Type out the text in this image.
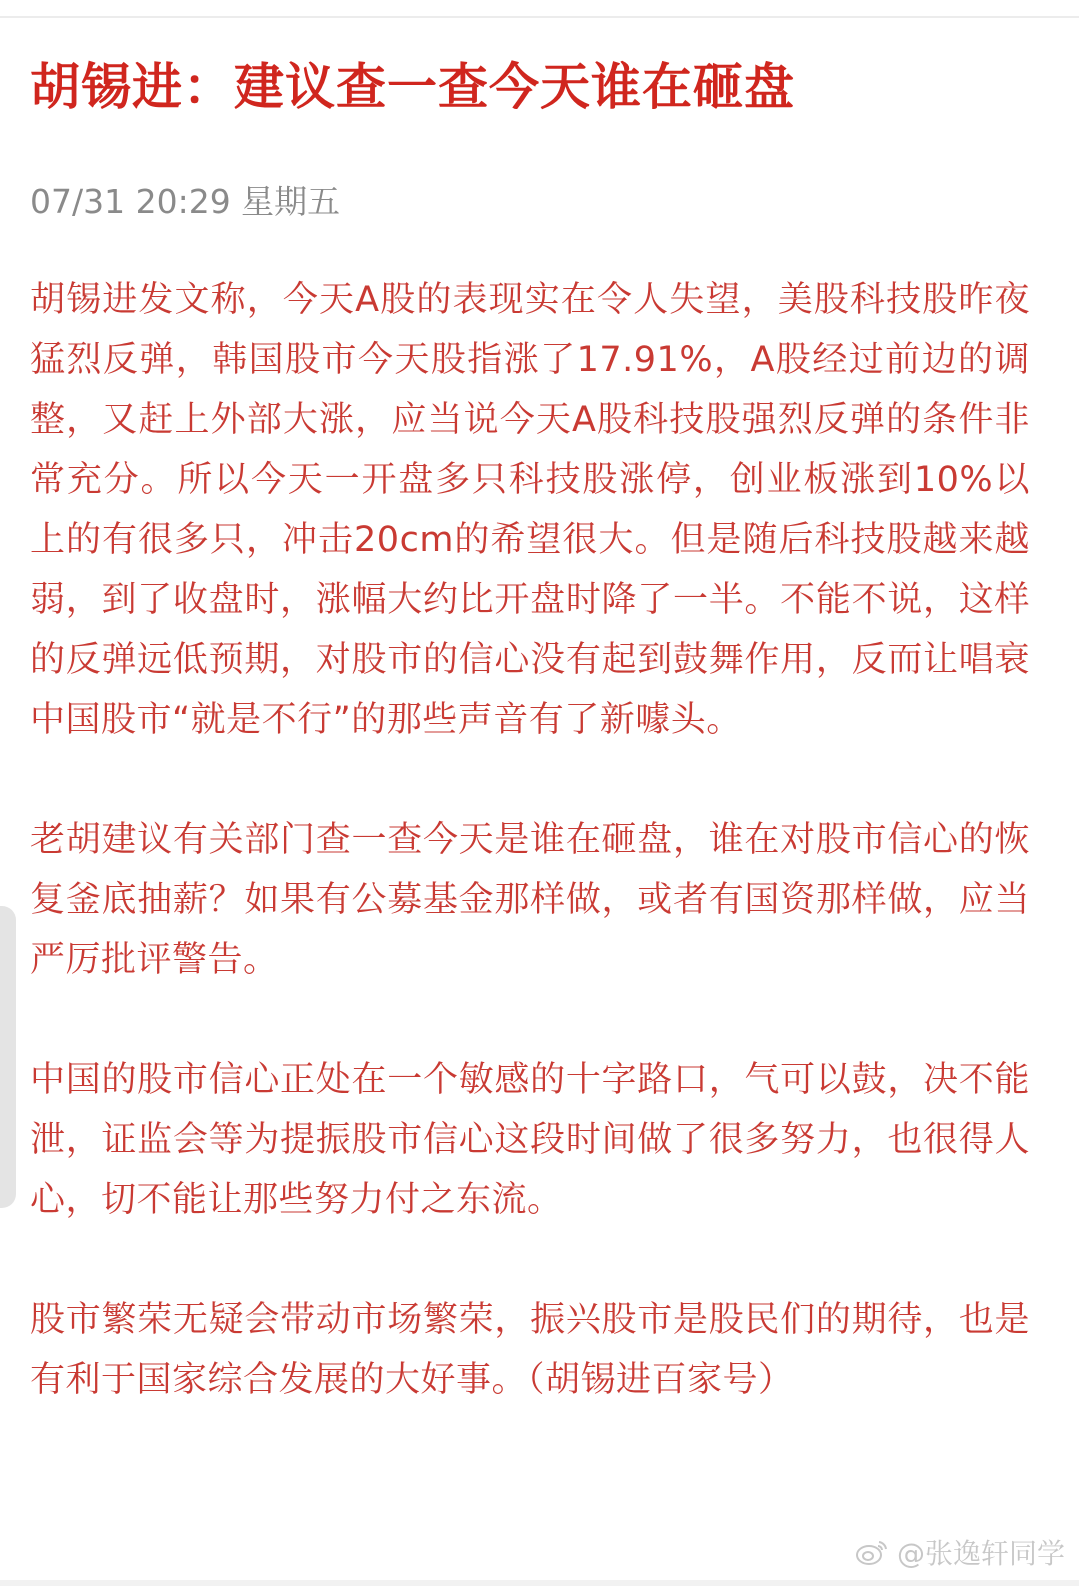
胡锡进：建议查一查今天谁在砸盘
07/31 20:29 星期五

胡锡进发文称，今天A股的表现实在令人失望，美股科技股昨夜猛烈反弹，韩国股市今天股指涨了17.91%，A股经过前边的调整，又赶上外部大涨，应当说今天A股科技股强烈反弹的条件非常充分。所以今天一开盘多只科技股涨停，创业板涨到10%以上的有很多只，冲击20cm的希望很大。但是随后科技股越来越弱，到了收盘时，涨幅大约比开盘时降了一半。不能不说，这样的反弹远低预期，对股市的信心没有起到鼓舞作用，反而让唱衰中国股市“就是不行”的那些声音有了新噱头。

老胡建议有关部门查一查今天是谁在砸盘，谁在对股市信心的恢复釜底抽薪？如果有公募基金那样做，或者有国资那样做，应当严厉批评警告。

中国的股市信心正处在一个敏感的十字路口，气可以鼓，决不能泄，证监会等为提振股市信心这段时间做了很多努力，也很得人心，切不能让那些努力付之东流。

股市繁荣无疑会带动市场繁荣，振兴股市是股民们的期待，也是有利于国家综合发展的大好事。（胡锡进百家号）

@张逸轩同学
